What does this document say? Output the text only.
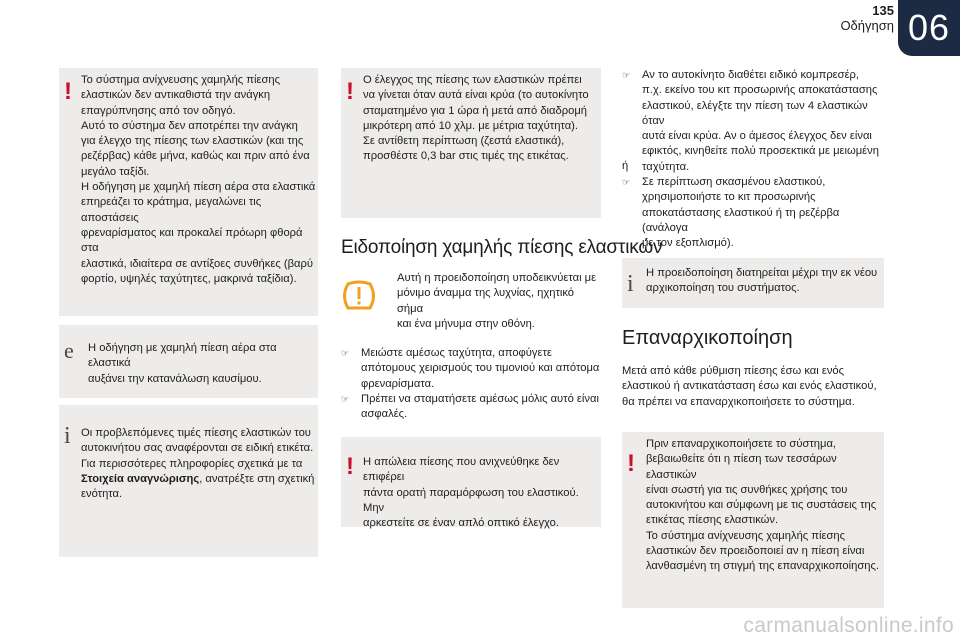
135
Οδήγηση 06
! Το σύστημα ανίχνευσης χαμηλής πίεσης

ελαστικών δεν αντικαθιστά την ανάγκη

επαγρύπνησης από τον οδηγό.

Αυτό το σύστημα δεν αποτρέπει την ανάγκη

για έλεγχο της πίεσης των ελαστικών (και της

ρεζέρβας) κάθε μήνα, καθώς και πριν από ένα

μεγάλο ταξίδι.

Η οδήγηση με χαμηλή πίεση αέρα στα ελαστικά

επηρεάζει το κράτημα, μεγαλώνει τις αποστάσεις

φρεναρίσματος και προκαλεί πρόωρη φθορά στα

ελαστικά, ιδιαίτερα σε αντίξοες συνθήκες (βαρύ

φορτίο, υψηλές ταχύτητες, μακρινά ταξίδια).

e Η οδήγηση με χαμηλή πίεση αέρα στα ελαστικά

αυξάνει την κατανάλωση καυσίμου.

i Οι προβλεπόμενες τιμές πίεσης ελαστικών του

αυτοκινήτου σας αναφέρονται σε ειδική ετικέτα.

Για περισσότερες πληροφορίες σχετικά με τα

Στοιχεία αναγνώρισης, ανατρέξτε στη σχετική

ενότητα.

! Ο έλεγχος της πίεσης των ελαστικών πρέπει

να γίνεται όταν αυτά είναι κρύα (το αυτοκίνητο

σταματημένο για 1 ώρα ή μετά από διαδρομή

μικρότερη από 10 χλμ. με μέτρια ταχύτητα).

Σε αντίθετη περίπτωση (ζεστά ελαστικά),

προσθέστε 0,3 bar στις τιμές της ετικέτας.

Ειδοποίηση χαμηλής πίεσης ελαστικών

Αυτή η προειδοποίηση υποδεικνύεται με

μόνιμο άναμμα της λυχνίας, ηχητικό σήμα

και ένα μήνυμα στην οθόνη.

☞ Μειώστε αμέσως ταχύτητα, αποφύγετε
απότομους χειρισμούς του τιμονιού και απότομα
φρεναρίσματα.
☞ Πρέπει να σταματήσετε αμέσως μόλις αυτό είναι
ασφαλές.
! Η απώλεια πίεσης που ανιχνεύθηκε δεν επιφέρει

πάντα ορατή παραμόρφωση του ελαστικού. Μην

αρκεστείτε σε έναν απλό οπτικό έλεγχο.

☞ Αν το αυτοκίνητο διαθέτει ειδικό κομπρεσέρ,
π.χ. εκείνο του κιτ προσωρινής αποκατάστασης
ελαστικού, ελέγξτε την πίεση των 4 ελαστικών όταν
αυτά είναι κρύα. Αν ο άμεσος έλεγχος δεν είναι
εφικτός, κινηθείτε πολύ προσεκτικά με μειωμένη
ταχύτητα.
ή
☞ Σε περίπτωση σκασμένου ελαστικού,
χρησιμοποιήστε το κιτ προσωρινής
αποκατάστασης ελαστικού ή τη ρεζέρβα (ανάλογα
με τον εξοπλισμό).
i Η προειδοποίηση διατηρείται μέχρι την εκ νέου

αρχικοποίηση του συστήματος.

Επαναρχικοποίηση

Μετά από κάθε ρύθμιση πίεσης έσω και ενός

ελαστικού ή αντικατάσταση έσω και ενός ελαστικού,

θα πρέπει να επαναρχικοποιήσετε το σύστημα.

!

Πριν επαναρχικοποιήσετε το σύστημα,

βεβαιωθείτε ότι η πίεση των τεσσάρων ελαστικών

είναι σωστή για τις συνθήκες χρήσης του

αυτοκινήτου και σύμφωνη με τις συστάσεις της

ετικέτας πίεσης ελαστικών.

Το σύστημα ανίχνευσης χαμηλής πίεσης

ελαστικών δεν προειδοποιεί αν η πίεση είναι

λανθασμένη τη στιγμή της επαναρχικοποίησης.

carmanualsonline.info
